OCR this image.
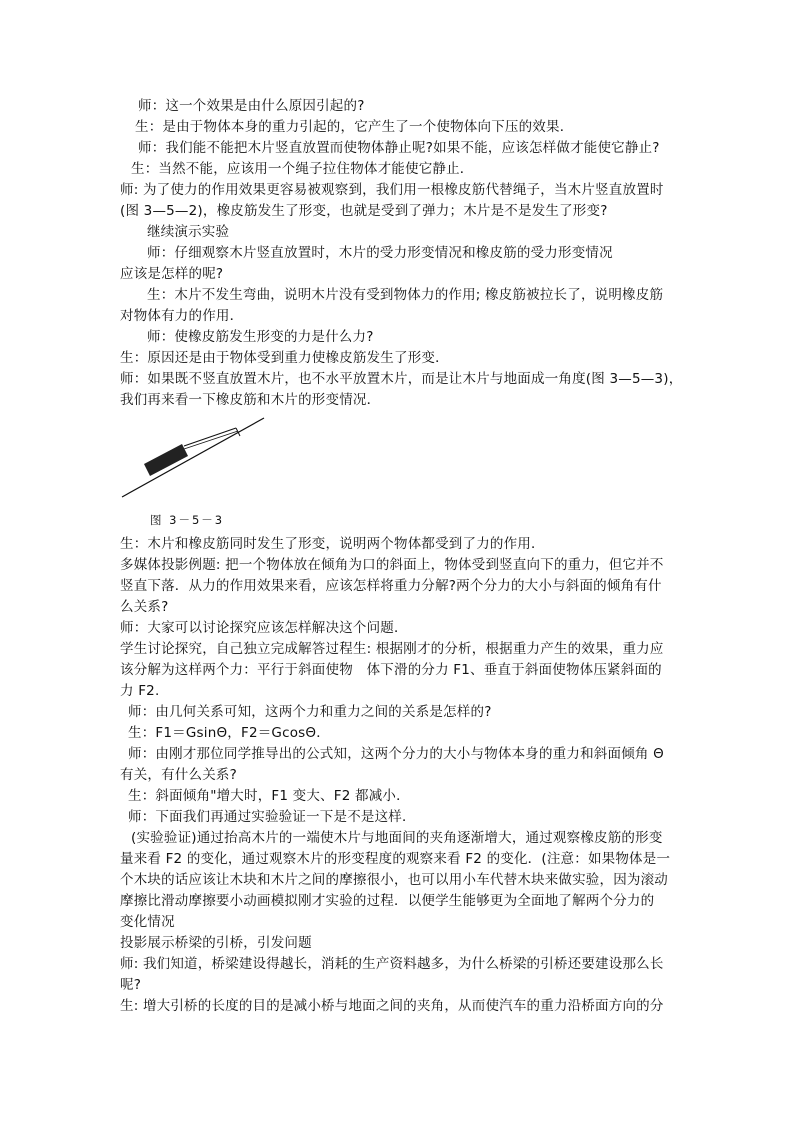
师：这一个效果是由什么原因引起的?
生：是由于物体本身的重力引起的，它产生了一个使物体向下压的效果．
师：我们能不能把木片竖直放置而使物体静止呢?如果不能，应该怎样做才能使它静止?
生：当然不能，应该用一个绳子拉住物体才能使它静止．
师: 为了使力的作用效果更容易被观察到，我们用一根橡皮筋代替绳子，当木片竖直放置时
(图 3—5—2)，橡皮筋发生了形变，也就是受到了弹力；木片是不是发生了形变?
继续演示实验
师：仔细观察木片竖直放置时，木片的受力形变情况和橡皮筋的受力形变情况
应该是怎样的呢?
生：木片不发生弯曲，说明木片没有受到物体力的作用; 橡皮筋被拉长了，说明橡皮筋
对物体有力的作用．
师：使橡皮筋发生形变的力是什么力?
生：原因还是由于物体受到重力使橡皮筋发生了形变．
师：如果既不竖直放置木片，也不水平放置木片，而是让木片与地面成一角度(图 3—5—3)，
我们再来看一下橡皮筋和木片的形变情况．
图 3－5－3
生：木片和橡皮筋同时发生了形变，说明两个物体都受到了力的作用．
多媒体投影例题: 把一个物体放在倾角为口的斜面上，物体受到竖直向下的重力，但它并不
竖直下落．从力的作用效果来看，应该怎样将重力分解?两个分力的大小与斜面的倾角有什
么关系?
师：大家可以讨论探究应该怎样解决这个问题．
学生讨论探究，自己独立完成解答过程生: 根据刚才的分析，根据重力产生的效果，重力应
该分解为这样两个力：平行于斜面使物　体下滑的分力 F1、垂直于斜面使物体压紧斜面的
力 F2.
师：由几何关系可知，这两个力和重力之间的关系是怎样的?
生：F1＝GsinΘ，F2＝GcosΘ．
师：由刚才那位同学推导出的公式知，这两个分力的大小与物体本身的重力和斜面倾角 Θ
有关，有什么关系?
生：斜面倾角"增大时，F1 变大、F2 都减小．
师：下面我们再通过实验验证一下是不是这样．
(实验验证)通过抬高木片的一端使木片与地面间的夹角逐渐增大，通过观察橡皮筋的形变
量来看 F2 的变化，通过观察木片的形变程度的观察来看 F2 的变化．(注意：如果物体是一
个木块的话应该让木块和木片之间的摩擦很小，也可以用小车代替木块来做实验，因为滚动
摩擦比滑动摩擦要小动画模拟刚才实验的过程．以便学生能够更为全面地了解两个分力的
变化情况
投影展示桥梁的引桥，引发问题
师: 我们知道，桥梁建设得越长，消耗的生产资料越多，为什么桥梁的引桥还要建设那么长
呢?
生: 增大引桥的长度的目的是减小桥与地面之间的夹角，从而使汽车的重力沿桥面方向的分
